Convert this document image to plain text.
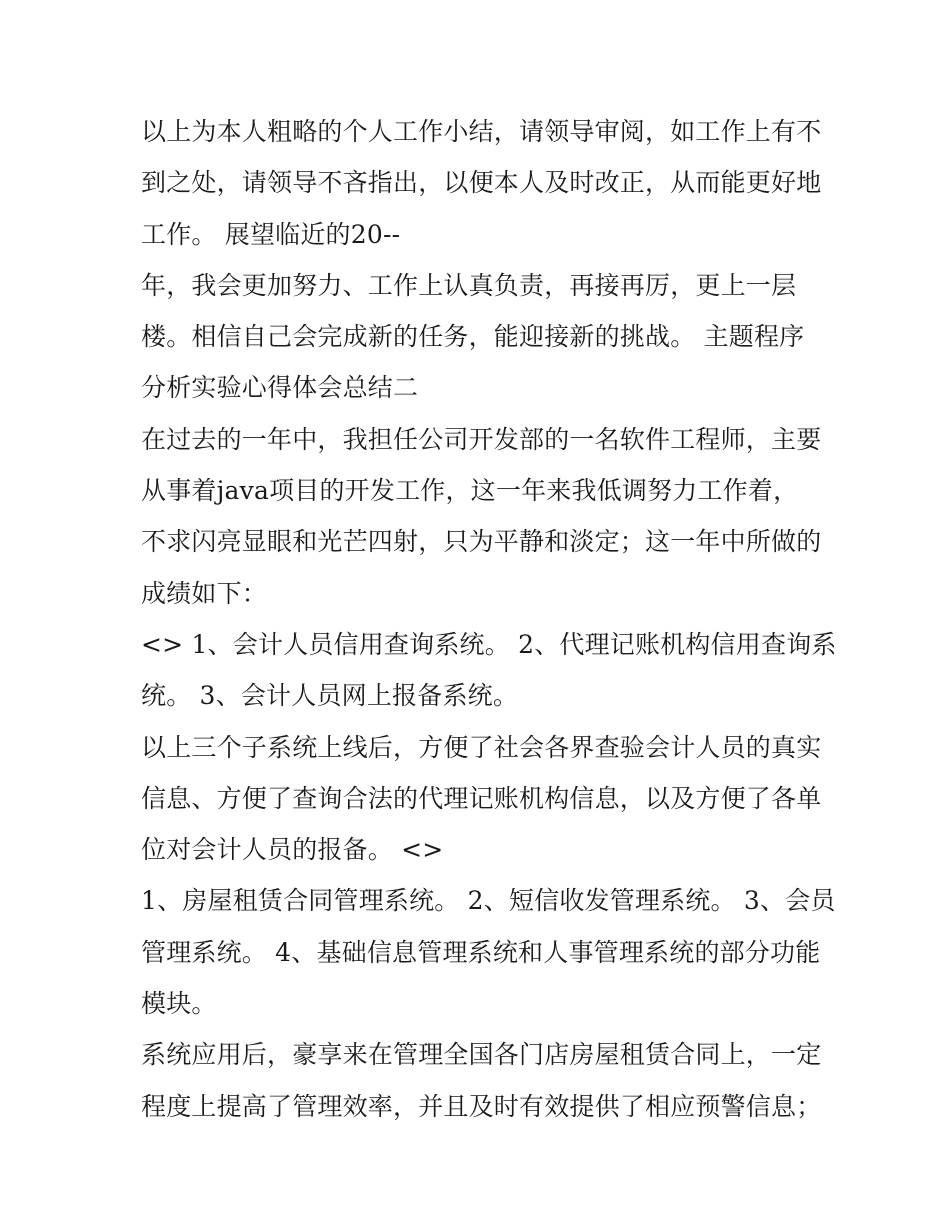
以上为本人粗略的个人工作小结，请领导审阅，如工作上有不
到之处，请领导不吝指出，以便本人及时改正，从而能更好地
工作。 展望临近的20--
年，我会更加努力、工作上认真负责，再接再厉，更上一层
楼。相信自己会完成新的任务，能迎接新的挑战。 主题程序
分析实验心得体会总结二
在过去的一年中，我担任公司开发部的一名软件工程师，主要
从事着java项目的开发工作，这一年来我低调努力工作着，
不求闪亮显眼和光芒四射，只为平静和淡定；这一年中所做的
成绩如下：
<> 1、会计人员信用查询系统。 2、代理记账机构信用查询系
统。 3、会计人员网上报备系统。
以上三个子系统上线后，方便了社会各界查验会计人员的真实
信息、方便了查询合法的代理记账机构信息，以及方便了各单
位对会计人员的报备。 <>
1、房屋租赁合同管理系统。 2、短信收发管理系统。 3、会员
管理系统。 4、基础信息管理系统和人事管理系统的部分功能
模块。
系统应用后，豪享来在管理全国各门店房屋租赁合同上，一定
程度上提高了管理效率，并且及时有效提供了相应预警信息；
